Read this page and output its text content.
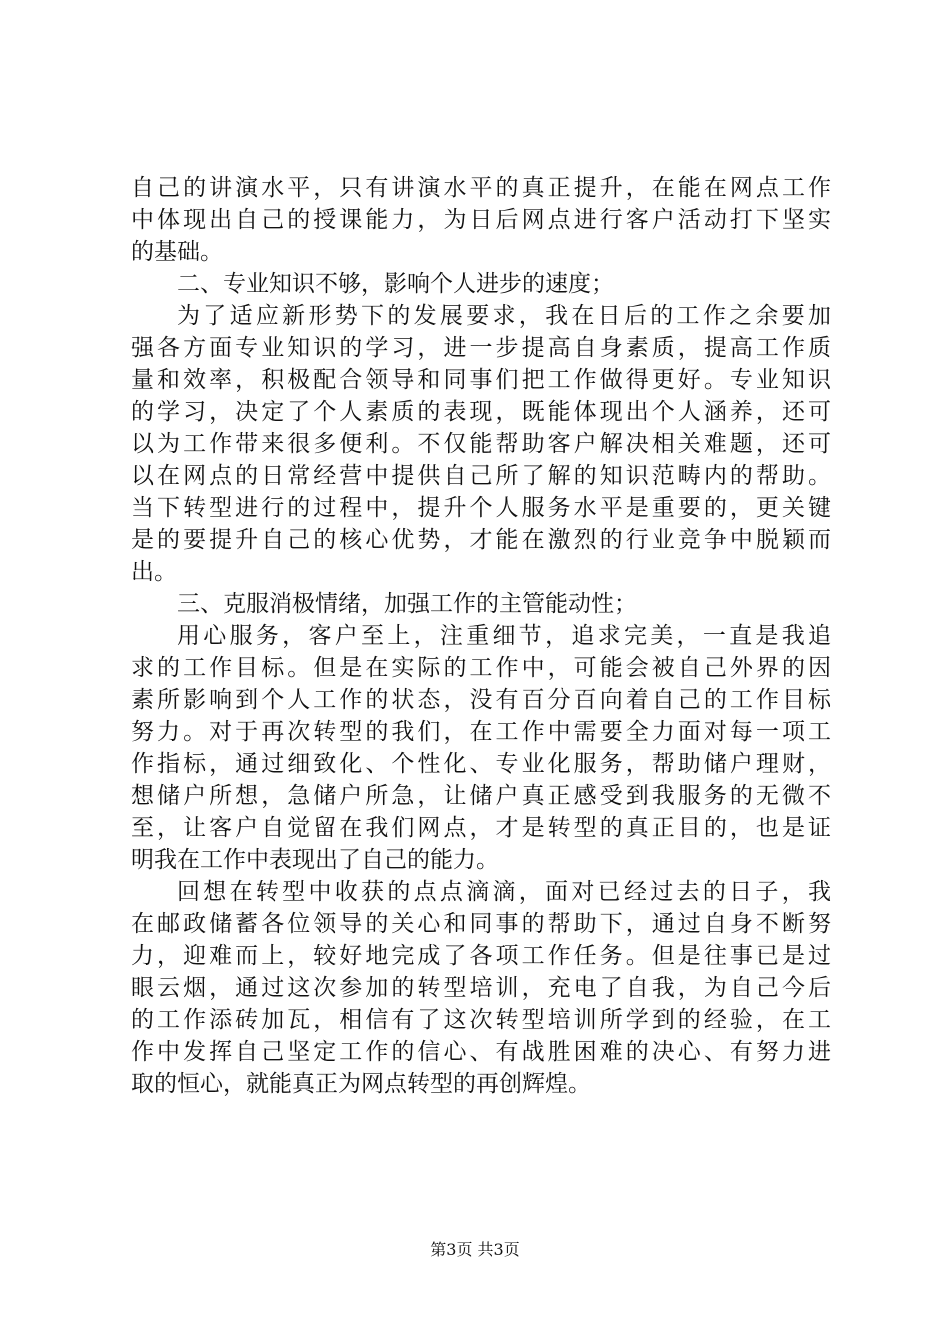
自己的讲演水平，只有讲演水平的真正提升，在能在网点工作
中体现出自己的授课能力，为日后网点进行客户活动打下坚实
的基础。
二、专业知识不够，影响个人进步的速度；
为了适应新形势下的发展要求，我在日后的工作之余要加
强各方面专业知识的学习，进一步提高自身素质，提高工作质
量和效率，积极配合领导和同事们把工作做得更好。专业知识
的学习，决定了个人素质的表现，既能体现出个人涵养，还可
以为工作带来很多便利。不仅能帮助客户解决相关难题，还可
以在网点的日常经营中提供自己所了解的知识范畴内的帮助。
当下转型进行的过程中，提升个人服务水平是重要的，更关键
是的要提升自己的核心优势，才能在激烈的行业竞争中脱颖而
出。
三、克服消极情绪，加强工作的主管能动性；
用心服务，客户至上，注重细节，追求完美，一直是我追
求的工作目标。但是在实际的工作中，可能会被自己外界的因
素所影响到个人工作的状态，没有百分百向着自己的工作目标
努力。对于再次转型的我们，在工作中需要全力面对每一项工
作指标，通过细致化、个性化、专业化服务，帮助储户理财，
想储户所想，急储户所急，让储户真正感受到我服务的无微不
至，让客户自觉留在我们网点，才是转型的真正目的，也是证
明我在工作中表现出了自己的能力。
回想在转型中收获的点点滴滴，面对已经过去的日子，我
在邮政储蓄各位领导的关心和同事的帮助下，通过自身不断努
力，迎难而上，较好地完成了各项工作任务。但是往事已是过
眼云烟，通过这次参加的转型培训，充电了自我，为自己今后
的工作添砖加瓦，相信有了这次转型培训所学到的经验，在工
作中发挥自己坚定工作的信心、有战胜困难的决心、有努力进
取的恒心，就能真正为网点转型的再创辉煌。
第3页 共3页
